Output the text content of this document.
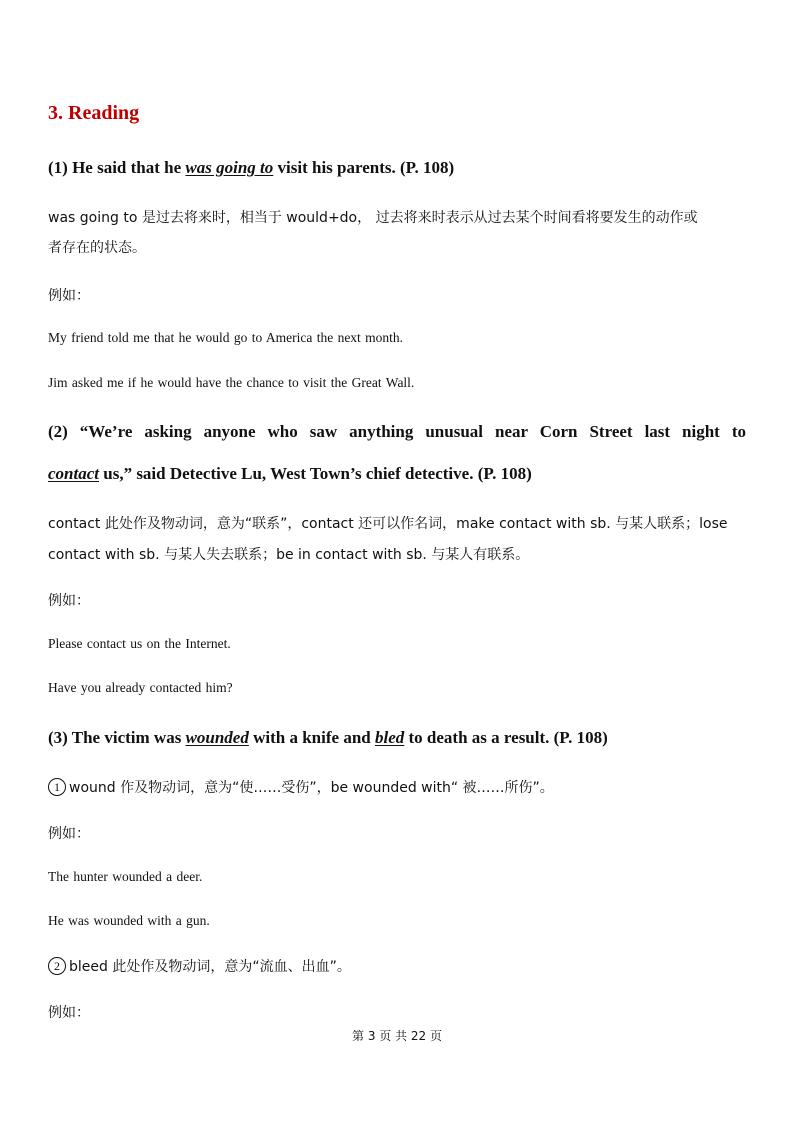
3. Reading
(1) He said that he was going to visit his parents. (P. 108)
was going to 是过去将来时，相当于 would+do， 过去将来时表示从过去某个时间看将要发生的动作或
者存在的状态。
例如：
My friend told me that he would go to America the next month.
Jim asked me if he would have the chance to visit the Great Wall.
(2) “We’re asking anyone who saw anything unusual near Corn Street last night to
contact us,” said Detective Lu, West Town’s chief detective. (P. 108)
contact 此处作及物动词，意为“联系”，contact 还可以作名词，make contact with sb. 与某人联系；lose
contact with sb. 与某人失去联系；be in contact with sb. 与某人有联系。
例如：
Please contact us on the Internet.
Have you already contacted him?
(3) The victim was wounded with a knife and bled to death as a result. (P. 108)
1 wound 作及物动词，意为“使……受伤”，be wounded with“ 被……所伤”。
例如：
The hunter wounded a deer.
He was wounded with a gun.
2 bleed 此处作及物动词，意为“流血、出血”。
例如：
第 3 页 共 22 页
